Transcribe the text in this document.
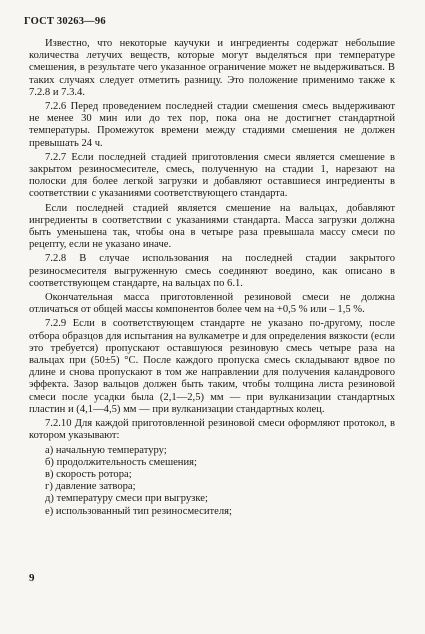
ГОСТ 30263—96

Известно, что некоторые каучуки и ингредиенты содержат небольшие количества летучих веществ, которые могут выделяться при температуре смешения, в результате чего указанное ограничение может не выдерживаться. В таких случаях следует отметить разницу. Это положение применимо также к 7.2.8 и 7.3.4.

7.2.6 Перед проведением последней стадии смешения смесь выдерживают не менее 30 мин или до тех пор, пока она не достигнет стандартной температуры. Промежуток времени между стадиями смешения не должен превышать 24 ч.

7.2.7 Если последней стадией приготовления смеси является смешение в закрытом резиносмесителе, смесь, полученную на стадии 1, нарезают на полоски для более легкой загрузки и добавляют оставшиеся ингредиенты в соответствии с указаниями соответствующего стандарта.

Если последней стадией является смешение на вальцах, добавляют ингредиенты в соответствии с указаниями стандарта. Масса загрузки должна быть уменьшена так, чтобы она в четыре раза превышала массу смеси по рецепту, если не указано иначе.

7.2.8 В случае использования на последней стадии закрытого резиносмесителя выгруженную смесь соединяют воедино, как описано в соответствующем стандарте, на вальцах по 6.1.

Окончательная масса приготовленной резиновой смеси не должна отличаться от общей массы компонентов более чем на +0,5 % или – 1,5 %.

7.2.9 Если в соответствующем стандарте не указано по-другому, после отбора образцов для испытания на вулкаметре и для определения вязкости (если это требуется) пропускают оставшуюся резиновую смесь четыре раза на вальцах при (50±5) °С. После каждого пропуска смесь складывают вдвое по длине и снова пропускают в том же направлении для получения каландрового эффекта. Зазор вальцов должен быть таким, чтобы толщина листа резиновой смеси после усадки была (2,1—2,5) мм — при вулканизации стандартных пластин и (4,1—4,5) мм — при вулканизации стандартных колец.

7.2.10 Для каждой приготовленной резиновой смеси оформляют протокол, в котором указывают:

а) начальную температуру;
б) продолжительность смешения;
в) скорость ротора;
г) давление затвора;
д) температуру смеси при выгрузке;
е) использованный тип резиносмесителя;
9
